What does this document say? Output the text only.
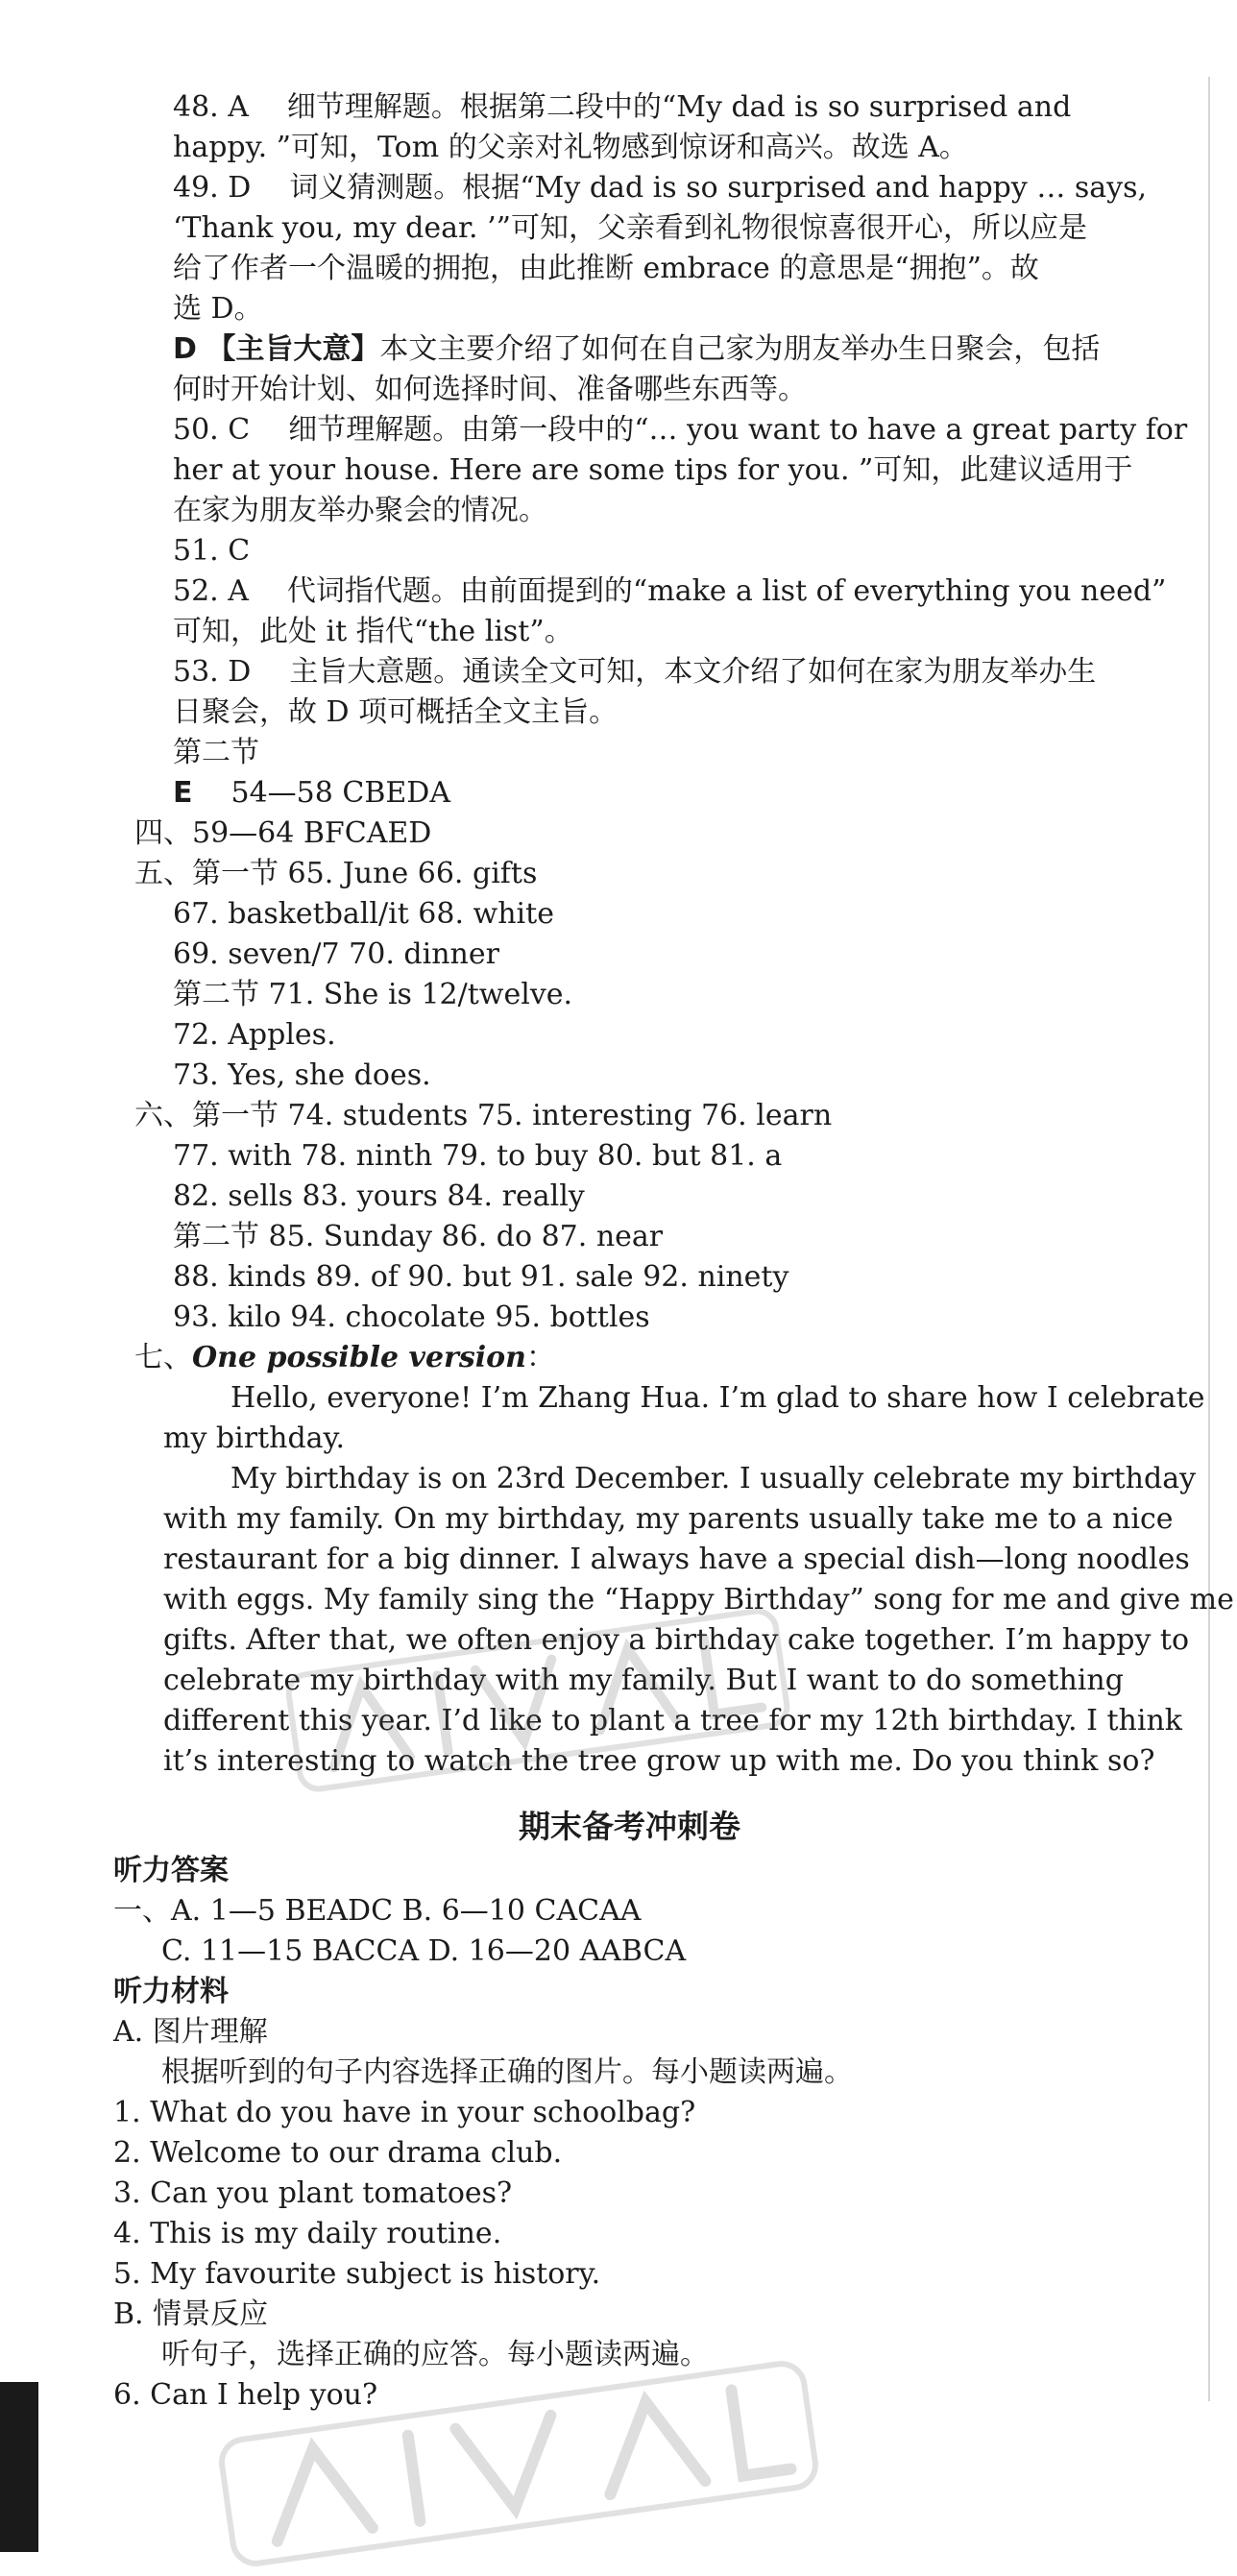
48. A 细节理解题。根据第二段中的“My dad is so surprised and
happy. ”可知，Tom 的父亲对礼物感到惊讶和高兴。故选 A。
49. D 词义猜测题。根据“My dad is so surprised and happy … says,
‘Thank you, my dear. ’”可知，父亲看到礼物很惊喜很开心，所以应是
给了作者一个温暖的拥抱，由此推断 embrace 的意思是“拥抱”。故
选 D。
D 【主旨大意】本文主要介绍了如何在自己家为朋友举办生日聚会，包括
何时开始计划、如何选择时间、准备哪些东西等。
50. C 细节理解题。由第一段中的“… you want to have a great party for
her at your house. Here are some tips for you. ”可知，此建议适用于
在家为朋友举办聚会的情况。
51. C
52. A 代词指代题。由前面提到的“make a list of everything you need”
可知，此处 it 指代“the list”。
53. D 主旨大意题。通读全文可知，本文介绍了如何在家为朋友举办生
日聚会，故 D 项可概括全文主旨。
第二节
E 54—58 CBEDA
四、59—64 BFCAED
五、第一节 65. June 66. gifts
67. basketball/it 68. white
69. seven/7 70. dinner
第二节 71. She is 12/twelve.
72. Apples.
73. Yes, she does.
六、第一节 74. students 75. interesting 76. learn
77. with 78. ninth 79. to buy 80. but 81. a
82. sells 83. yours 84. really
第二节 85. Sunday 86. do 87. near
88. kinds 89. of 90. but 91. sale 92. ninety
93. kilo 94. chocolate 95. bottles
七、One possible version：
Hello, everyone! I’m Zhang Hua. I’m glad to share how I celebrate
my birthday.
My birthday is on 23rd December. I usually celebrate my birthday
with my family. On my birthday, my parents usually take me to a nice
restaurant for a big dinner. I always have a special dish—long noodles
with eggs. My family sing the “Happy Birthday” song for me and give me
gifts. After that, we often enjoy a birthday cake together. I’m happy to
celebrate my birthday with my family. But I want to do something
different this year. I’d like to plant a tree for my 12th birthday. I think
it’s interesting to watch the tree grow up with me. Do you think so?
期末备考冲刺卷
听力答案
一、A. 1—5 BEADC B. 6—10 CACAA
C. 11—15 BACCA D. 16—20 AABCA
听力材料
A. 图片理解
根据听到的句子内容选择正确的图片。每小题读两遍。
1. What do you have in your schoolbag?
2. Welcome to our drama club.
3. Can you plant tomatoes?
4. This is my daily routine.
5. My favourite subject is history.
B. 情景反应
听句子，选择正确的应答。每小题读两遍。
6. Can I help you?
